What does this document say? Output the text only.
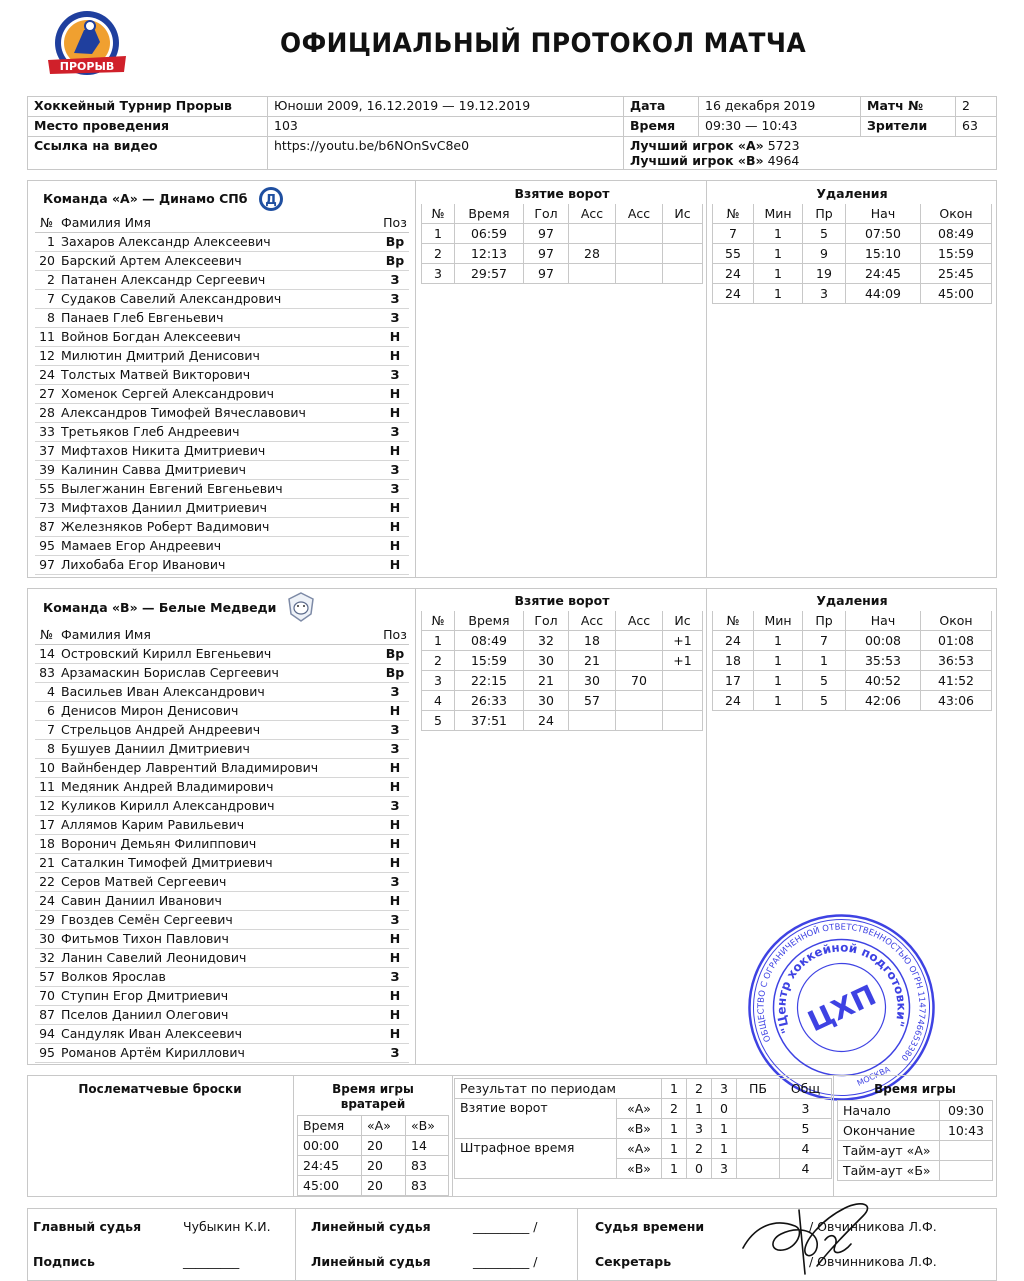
ПРОРЫВ
ОФИЦИАЛЬНЫЙ ПРОТОКОЛ МАТЧА
Хоккейный Турнир Прорыв	Юноши 2009, 16.12.2019 — 19.12.2019	Дата	16 декабря 2019	Матч №	2
Место проведения	103	Время	09:30 — 10:43	Зрители	63
Ссылка на видео	https://youtu.be/b6NOnSvC8e0	Лучший игрок «A» 5723
Лучший игрок «B» 4964			
Команда «А» — Динамо СПб Д
№ Фамилия Имя	Поз
1 Захаров Александр Алексеевич	Вр
20 Барский Артем Алексеевич	Вр
2 Патанен Александр Сергеевич	З
7 Судаков Савелий Александрович	З
8 Панаев Глеб Евгеньевич	З
11 Войнов Богдан Алексеевич	Н
12 Милютин Дмитрий Денисович	Н
24 Толстых Матвей Викторович	З
27 Хоменок Сергей Александрович	Н
28 Александров Тимофей Вячеславович	Н
33 Третьяков Глеб Андреевич	З
37 Мифтахов Никита Дмитриевич	Н
39 Калинин Савва Дмитриевич	З
55 Вылегжанин Евгений Евгеньевич	З
73 Мифтахов Даниил Дмитриевич	Н
87 Железняков Роберт Вадимович	Н
95 Мамаев Егор Андреевич	Н
97 Лихобаба Егор Иванович	Н
Взятие ворот
№	Время	Гол	Асс	Асс	Ис
1	06:59	97			
2	12:13	97	28		
3	29:57	97			
Удаления
№	Мин	Пр	Нач	Окон
7	1	5	07:50	08:49
55	1	9	15:10	15:59
24	1	19	24:45	25:45
24	1	3	44:09	45:00
Команда «В» — Белые Медведи
№ Фамилия Имя	Поз
14 Островский Кирилл Евгеньевич	Вр
83 Арзамаскин Борислав Сергеевич	Вр
4 Васильев Иван Александрович	З
6 Денисов Мирон Денисович	Н
7 Стрельцов Андрей Андреевич	З
8 Бушуев Даниил Дмитриевич	З
10 Вайнбендер Лаврентий Владимирович	Н
11 Медяник Андрей Владимирович	Н
12 Куликов Кирилл Александрович	З
17 Аллямов Карим Равильевич	Н
18 Воронич Демьян Филиппович	Н
21 Саталкин Тимофей Дмитриевич	Н
22 Серов Матвей Сергеевич	З
24 Савин Даниил Иванович	Н
29 Гвоздев Семён Сергеевич	З
30 Фитьмов Тихон Павлович	Н
32 Ланин Савелий Леонидович	Н
57 Волков Ярослав	З
70 Ступин Егор Дмитриевич	Н
87 Пселов Даниил Олегович	Н
94 Сандуляк Иван Алексеевич	Н
95 Романов Артём Кириллович	З
Взятие ворот
№	Время	Гол	Асс	Асс	Ис
1	08:49	32	18		+1
2	15:59	30	21		+1
3	22:15	21	30	70	
4	26:33	30	57		
5	37:51	24			
Удаления
№	Мин	Пр	Нач	Окон
24	1	7	00:08	01:08
18	1	1	35:53	36:53
17	1	5	40:52	41:52
24	1	5	42:06	43:06
ОБЩЕСТВО С ОГРАНИЧЕННОЙ ОТВЕТСТВЕННОСТЬЮ ОГРН 1147746653380
"Центр хоккейной подготовки"
ЦХП
МОСКВА
Послематчевые броски	Время игры
вратарей
Время	«А»	«В»
00:00	20	14
24:45	20	83
45:00	20	83
Результат по периодам		1	2	3	ПБ	Общ
Взятие ворот	«А»	2	1	0		3
	«В»	1	3	1		5
Штрафное время	«А»	1	2	1		4
	«В»	1	0	3		4
Время игры
Начало	09:30
Окончание	10:43
Тайм-аут «А»	
Тайм-аут «Б»	
Главный судья	Чубыкин К.И.	Линейный судья	_________ /	Судья времени	/ Овчинникова Л.Ф.
Подпись	_________	Линейный судья	_________ /	Секретарь	/ Овчинникова Л.Ф.
